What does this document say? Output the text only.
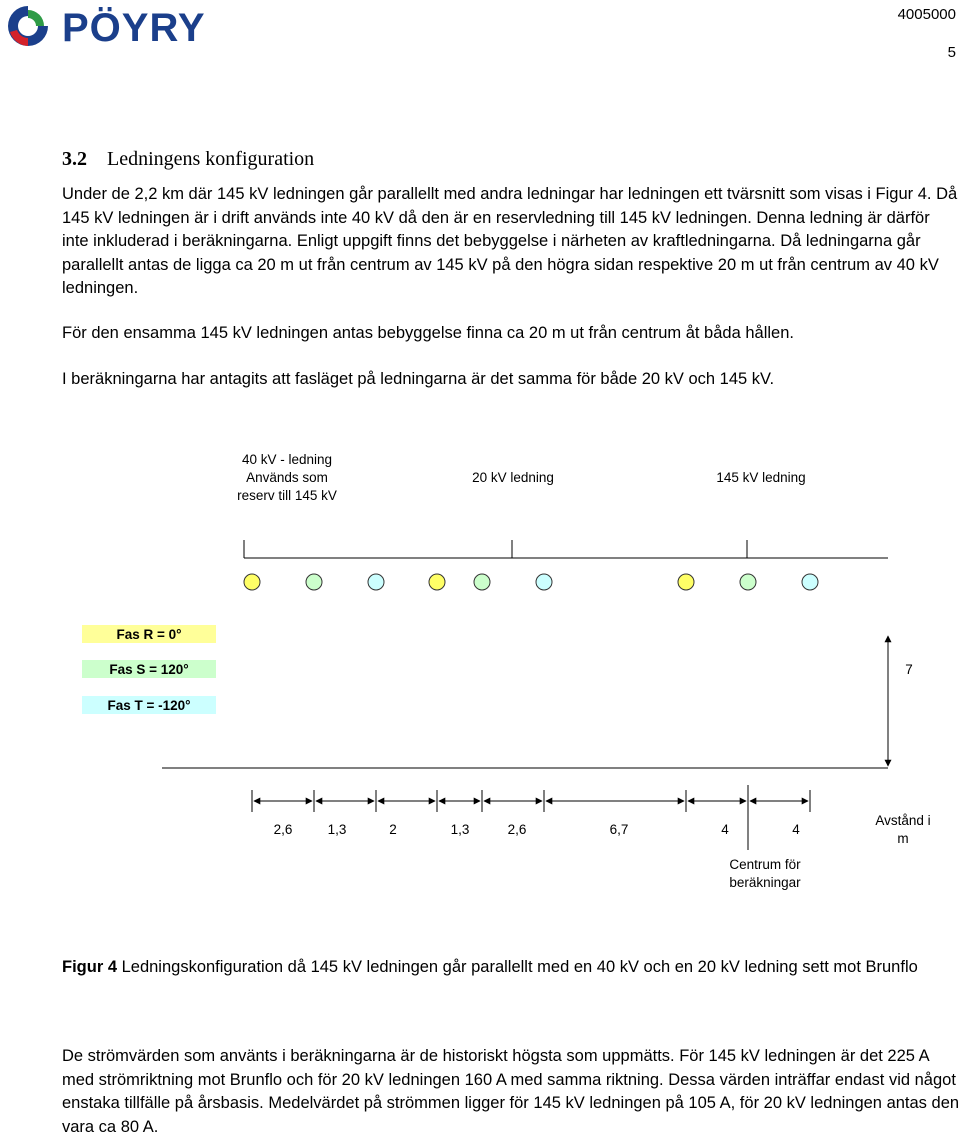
PÖYRY	4005000
5
3.2 Ledningens konfiguration

Under de 2,2 km där 145 kV ledningen går parallellt med andra ledningar har ledningen ett tvärsnitt som visas i Figur 4. Då 145 kV ledningen är i drift används inte 40 kV då den är en reservledning till 145 kV ledningen. Denna ledning är därför inte inkluderad i beräkningarna. Enligt uppgift finns det bebyggelse i närheten av kraftledningarna. Då ledningarna går parallellt antas de ligga ca 20 m ut från centrum av 145 kV på den högra sidan respektive 20 m ut från centrum av 40 kV ledningen.

För den ensamma 145 kV ledningen antas bebyggelse finna ca 20 m ut från centrum åt båda hållen.

I beräkningarna har antagits att fasläget på ledningarna är det samma för både 20 kV och 145 kV.

40 kV - ledning
Används som
reserv till 145 kV
20 kV ledning	145 kV ledning
Fas R = 0°
Fas S = 120°
Fas T = -120°
7
2,6	1,3	2	1,3	2,6	6,7	4	4
Avstånd i
m
Centrum för
beräkningar

Figur 4 Ledningskonfiguration då 145 kV ledningen går parallellt med en 40 kV och en 20 kV ledning sett mot Brunflo

De strömvärden som använts i beräkningarna är de historiskt högsta som uppmätts. För 145 kV ledningen är det 225 A med strömriktning mot Brunflo och för 20 kV ledningen 160 A med samma riktning. Dessa värden inträffar endast vid något enstaka tillfälle på årsbasis. Medelvärdet på strömmen ligger för 145 kV ledningen på 105 A, för 20 kV ledningen antas den vara ca 80 A.
